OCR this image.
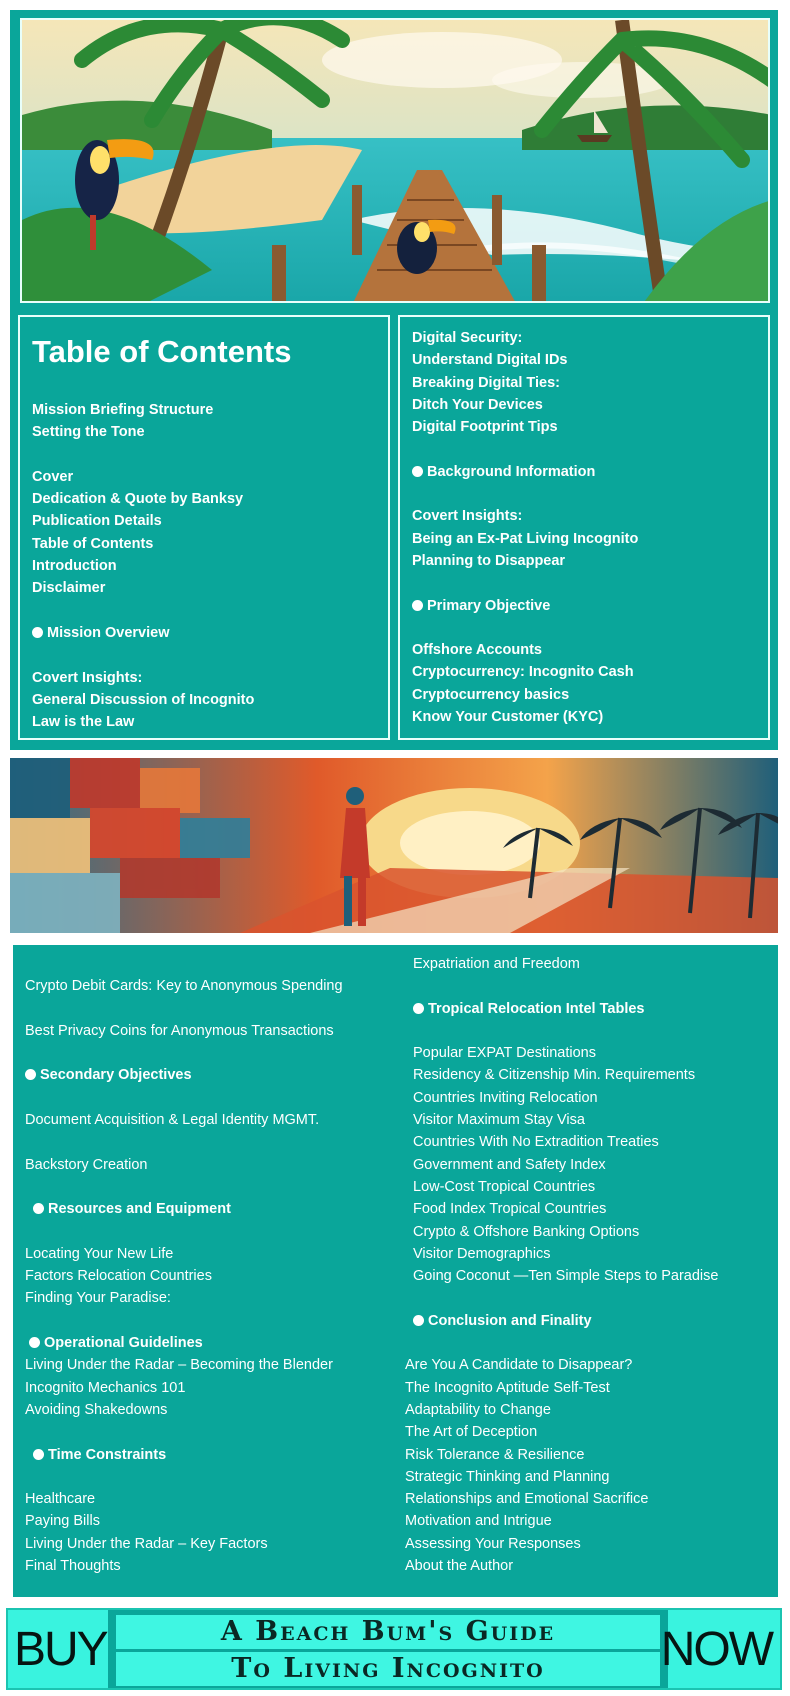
Table of Contents
Mission Briefing Structure
Setting the Tone
Cover
Dedication & Quote by Banksy
Publication Details
Table of Contents
Introduction
Disclaimer
Mission Overview
Covert Insights:
General Discussion of Incognito
Law is the Law
Digital Security:
Understand Digital IDs
Breaking Digital Ties:
Ditch Your Devices
Digital Footprint Tips
Background Information
Covert Insights:
Being an Ex-Pat Living Incognito
Planning to Disappear
Primary Objective
Offshore Accounts
Cryptocurrency: Incognito Cash
Cryptocurrency basics
Know Your Customer (KYC)
Crypto Debit Cards: Key to Anonymous Spending
Best Privacy Coins for Anonymous Transactions
Secondary Objectives
Document Acquisition & Legal Identity MGMT.
Backstory Creation
Resources and Equipment
Locating Your New Life
Factors Relocation Countries
Finding Your Paradise:
Operational Guidelines
Living Under the Radar – Becoming the Blender
Incognito Mechanics 101
Avoiding Shakedowns
Time Constraints
Healthcare
Paying Bills
Living Under the Radar – Key Factors
Final Thoughts
Expatriation and Freedom
Tropical Relocation Intel Tables
Popular EXPAT Destinations
Residency & Citizenship Min. Requirements
Countries Inviting Relocation
Visitor Maximum Stay Visa
Countries With No Extradition Treaties
Government and Safety Index
Low-Cost Tropical Countries
Food Index Tropical Countries
Crypto & Offshore Banking Options
Visitor Demographics
Going Coconut —Ten Simple Steps to Paradise
Conclusion and Finality
Are You A Candidate to Disappear?
The Incognito Aptitude Self-Test
Adaptability to Change
The Art of Deception
Risk Tolerance & Resilience
Strategic Thinking and Planning
Relationships and Emotional Sacrifice
Motivation and Intrigue
Assessing Your Responses
About the Author
BUY	A Beach Bum's Guide
To Living Incognito	NOW
